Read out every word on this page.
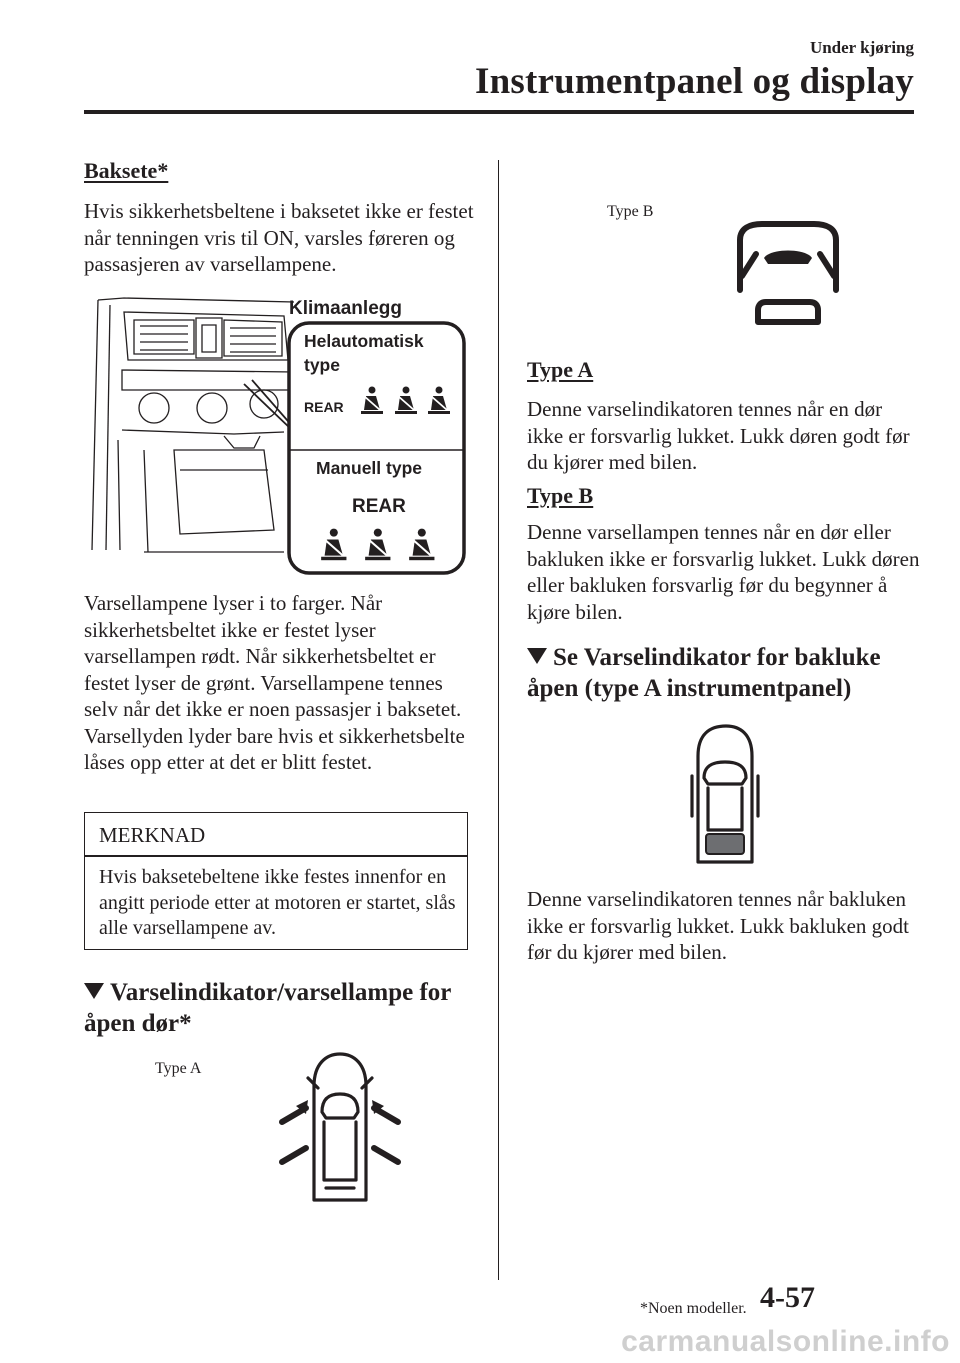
Under kjøring
Instrumentpanel og display
Baksete*
Hvis sikkerhetsbeltene i baksetet ikke er festet når tenningen vris til ON, varsles føreren og passasjeren av varsellampene.
Klimaanlegg
Helautomatisk
type
REAR
Manuell type
REAR
Varsellampene lyser i to farger. Når sikkerhetsbeltet ikke er festet lyser varsellampen rødt. Når sikkerhetsbeltet er festet lyser de grønt. Varsellampene tennes selv når det ikke er noen passasjer i baksetet. Varsellyden lyder bare hvis et sikkerhetsbelte låses opp etter at det er blitt festet.
MERKNAD
Hvis baksetebeltene ikke festes innenfor en angitt periode etter at motoren er startet, slås alle varsellampene av.
Varselindikator/varsellampe for åpen dør*
Type A
Type B
Type A
Denne varselindikatoren tennes når en dør ikke er forsvarlig lukket. Lukk døren godt før du kjører med bilen.
Type B
Denne varsellampen tennes når en dør eller bakluken ikke er forsvarlig lukket. Lukk døren eller bakluken forsvarlig før du begynner å kjøre bilen.
Se Varselindikator for bakluke åpen (type A instrumentpanel)
Denne varselindikatoren tennes når bakluken ikke er forsvarlig lukket. Lukk bakluken godt før du kjører med bilen.
*Noen modeller. 4-57
carmanualsonline.info
